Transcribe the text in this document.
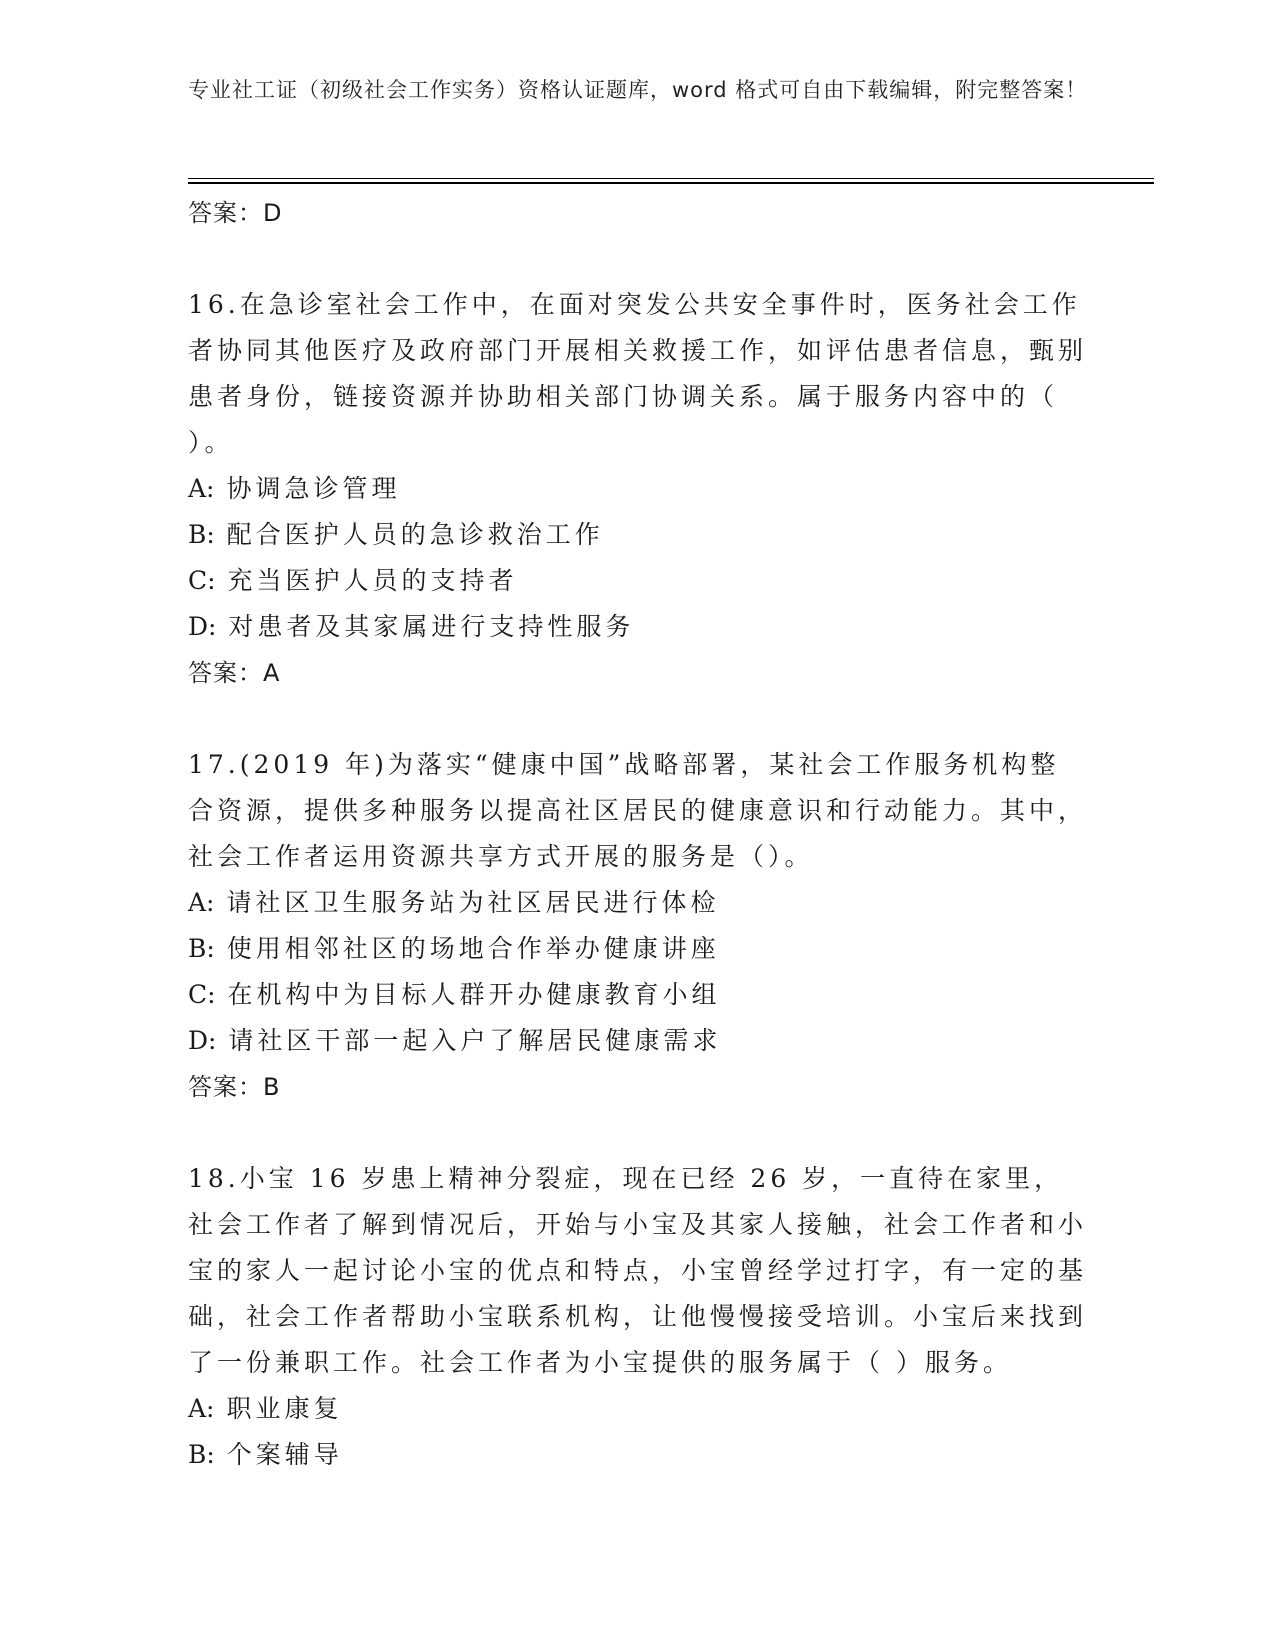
专业社工证（初级社会工作实务）资格认证题库，word 格式可自由下载编辑，附完整答案！
答案：D
16.在急诊室社会工作中，在面对突发公共安全事件时，医务社会工作者协同其他医疗及政府部门开展相关救援工作，如评估患者信息，甄别患者身份，链接资源并协助相关部门协调关系。属于服务内容中的（　　）。
A: 协调急诊管理
B: 配合医护人员的急诊救治工作
C: 充当医护人员的支持者
D: 对患者及其家属进行支持性服务
答案：A
17.(2019 年)为落实“健康中国”战略部署，某社会工作服务机构整合资源，提供多种服务以提高社区居民的健康意识和行动能力。其中，社会工作者运用资源共享方式开展的服务是（）。
A: 请社区卫生服务站为社区居民进行体检
B: 使用相邻社区的场地合作举办健康讲座
C: 在机构中为目标人群开办健康教育小组
D: 请社区干部一起入户了解居民健康需求
答案：B
18.小宝 16 岁患上精神分裂症，现在已经 26 岁，一直待在家里，社会工作者了解到情况后，开始与小宝及其家人接触，社会工作者和小宝的家人一起讨论小宝的优点和特点，小宝曾经学过打字，有一定的基础，社会工作者帮助小宝联系机构，让他慢慢接受培训。小宝后来找到了一份兼职工作。社会工作者为小宝提供的服务属于（ ）服务。
A: 职业康复
B: 个案辅导
